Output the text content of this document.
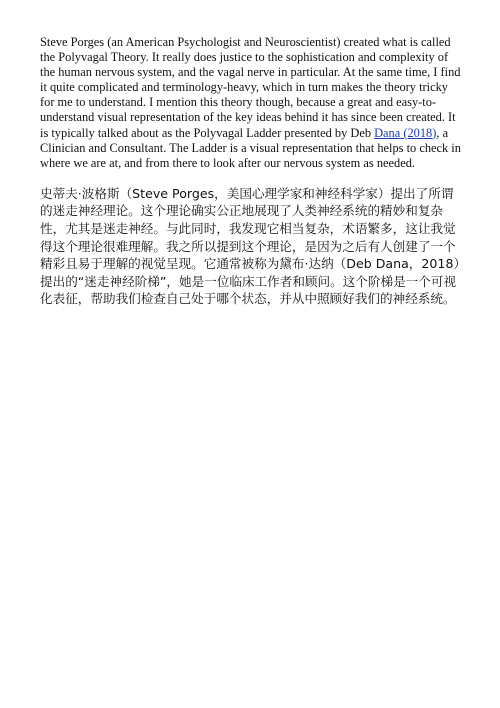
Steve Porges (an American Psychologist and Neuroscientist) created what is called the Polyvagal Theory. It really does justice to the sophistication and complexity of the human nervous system, and the vagal nerve in particular. At the same time, I find it quite complicated and terminology-heavy, which in turn makes the theory tricky for me to understand. I mention this theory though, because a great and easy-to-understand visual representation of the key ideas behind it has since been created. It is typically talked about as the Polyvagal Ladder presented by Deb Dana (2018), a Clinician and Consultant. The Ladder is a visual representation that helps to check in where we are at, and from there to look after our nervous system as needed.

史蒂夫·波格斯（Steve Porges，美国心理学家和神经科学家）提出了所谓的迷走神经理论。这个理论确实公正地展现了人类神经系统的精妙和复杂性，尤其是迷走神经。与此同时，我发现它相当复杂，术语繁多，这让我觉得这个理论很难理解。我之所以提到这个理论，是因为之后有人创建了一个精彩且易于理解的视觉呈现。它通常被称为黛布·达纳（Deb Dana，2018）提出的“迷走神经阶梯”，她是一位临床工作者和顾问。这个阶梯是一个可视化表征，帮助我们检查自己处于哪个状态，并从中照顾好我们的神经系统。
